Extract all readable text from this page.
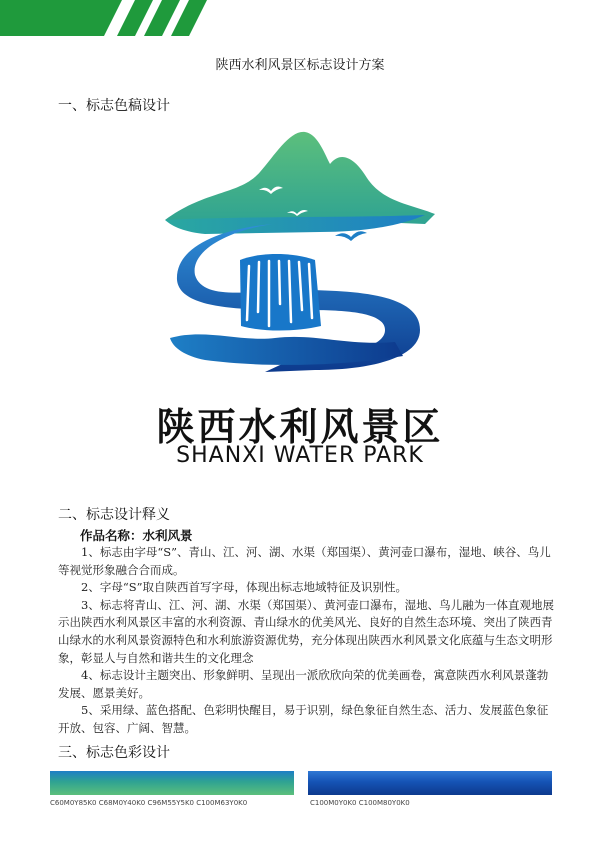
陕西水利风景区标志设计方案
一、标志色稿设计
陕西水利风景区
SHANXI WATER PARK
二、标志设计释义
作品名称：水利风景

1、标志由字母“S”、青山、江、河、湖、水渠（郑国渠）、黄河壶口瀑布，湿地、峡谷、鸟儿等视觉形象融合合而成。

2、字母“S”取自陕西首写字母，体现出标志地域特征及识别性。

3、标志将青山、江、河、湖、水渠（郑国渠）、黄河壶口瀑布，湿地、鸟儿融为一体直观地展示出陕西水利风景区丰富的水利资源、青山绿水的优美风光、良好的自然生态环境、突出了陕西青山绿水的水利风景资源特色和水利旅游资源优势，充分体现出陕西水利风景文化底蕴与生态文明形象，彰显人与自然和谐共生的文化理念

4、标志设计主题突出、形象鲜明、呈现出一派欣欣向荣的优美画卷，寓意陕西水利风景蓬勃发展、愿景美好。

5、采用绿、蓝色搭配、色彩明快醒目，易于识别，绿色象征自然生态、活力、发展蓝色象征开放、包容、广阔、智慧。

三、标志色彩设计
C60M0Y85K0 C68M0Y40K0 C96M55Y5K0 C100M63Y0K0	C100M0Y0K0 C100M80Y0K0
